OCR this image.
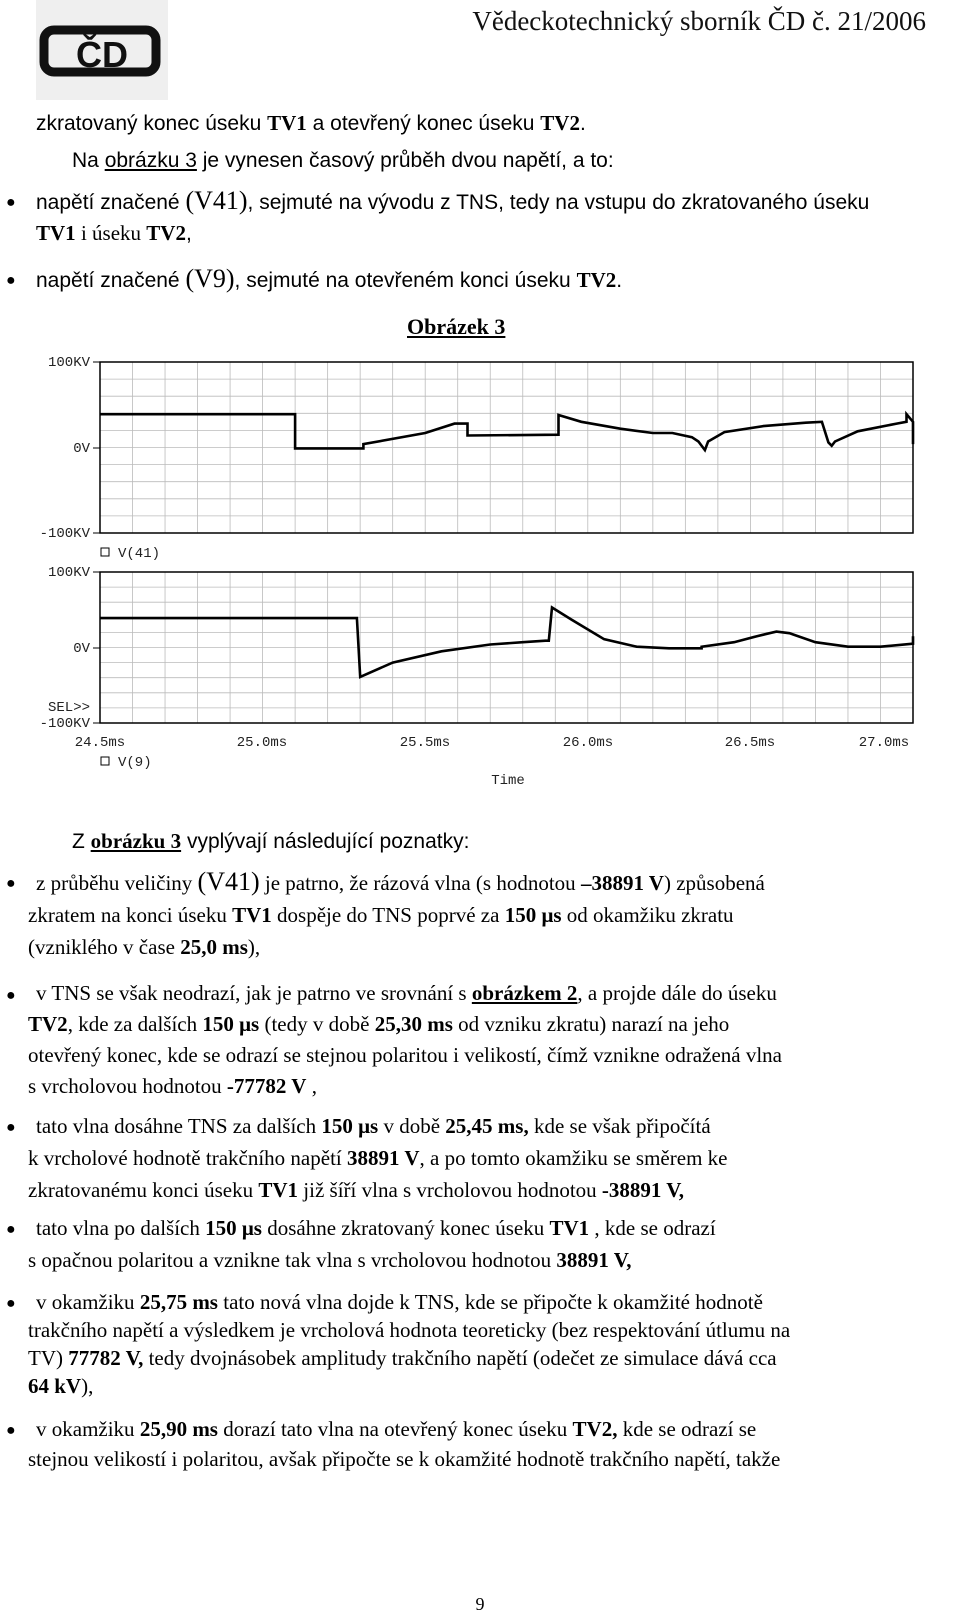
ČD
Vědeckotechnický sborník ČD č. 21/2006
zkratovaný konec úseku TV1 a otevřený konec úseku TV2.
Na obrázku 3 je vynesen časový průběh dvou napětí, a to:
● napětí značené (V41), sejmuté na vývodu z TNS, tedy na vstupu do zkratovaného úseku
TV1 i úseku TV2,
● napětí značené (V9), sejmuté na otevřeném konci úseku TV2.
Obrázek 3
100KV
0V
-100KV
100KV
0V
-100KV
SEL>>
V(41)
V(9)
24.5ms	25.0ms	25.5ms	26.0ms	26.5ms	27.0ms
Time
Z obrázku 3 vyplývají následující poznatky:
● z průběhu veličiny (V41) je patrno, že rázová vlna (s hodnotou –38891 V) způsobená
zkratem na konci úseku TV1 dospěje do TNS poprvé za 150 μs od okamžiku zkratu
(vzniklého v čase 25,0 ms),
● v TNS se však neodrazí, jak je patrno ve srovnání s obrázkem 2, a projde dále do úseku
TV2, kde za dalších 150 μs (tedy v době 25,30 ms od vzniku zkratu) narazí na jeho
otevřený konec, kde se odrazí se stejnou polaritou i velikostí, čímž vznikne odražená vlna
s vrcholovou hodnotou -77782 V ,
● tato vlna dosáhne TNS za dalších 150 μs v době 25,45 ms, kde se však připočítá
k vrcholové hodnotě trakčního napětí 38891 V, a po tomto okamžiku se směrem ke
zkratovanému konci úseku TV1 již šíří vlna s vrcholovou hodnotou -38891 V,
● tato vlna po dalších 150 μs dosáhne zkratovaný konec úseku TV1 , kde se odrazí
s opačnou polaritou a vznikne tak vlna s vrcholovou hodnotou 38891 V,
● v okamžiku 25,75 ms tato nová vlna dojde k TNS, kde se připočte k okamžité hodnotě
trakčního napětí a výsledkem je vrcholová hodnota teoreticky (bez respektování útlumu na
TV) 77782 V, tedy dvojnásobek amplitudy trakčního napětí (odečet ze simulace dává cca
64 kV),
● v okamžiku 25,90 ms dorazí tato vlna na otevřený konec úseku TV2, kde se odrazí se
stejnou velikostí i polaritou, avšak připočte se k okamžité hodnotě trakčního napětí, takže
9
